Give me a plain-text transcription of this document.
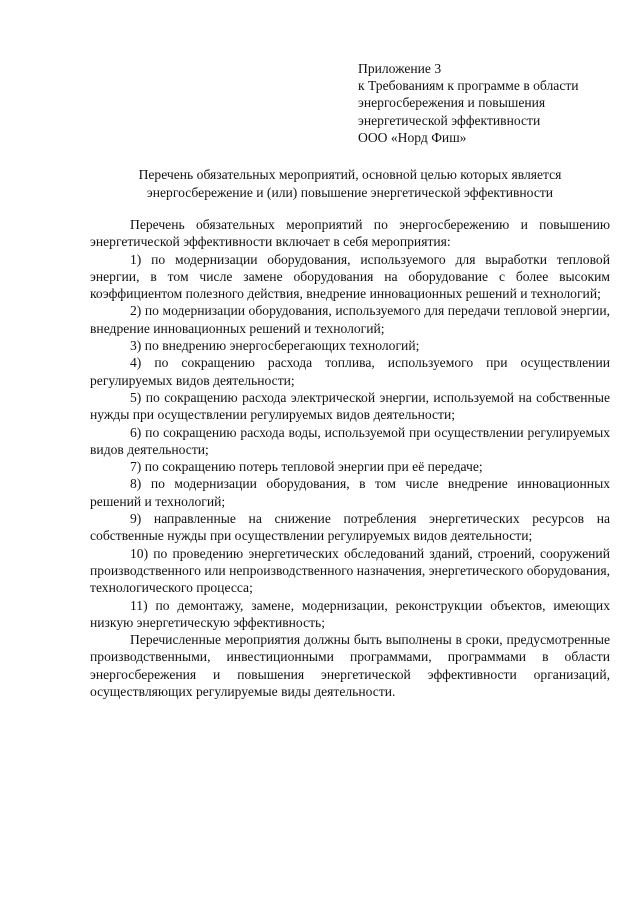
Приложение 3
к Требованиям к программе в области
энергосбережения и повышения
энергетической эффективности
ООО «Норд Фиш»
Перечень обязательных мероприятий, основной целью которых является
энергосбережение и (или) повышение энергетической эффективности

Перечень обязательных мероприятий по энергосбережению и повышению энергетической эффективности включает в себя мероприятия:

1) по модернизации оборудования, используемого для выработки тепловой энергии, в том числе замене оборудования на оборудование с более высоким коэффициентом полезного действия, внедрение инновационных решений и технологий;

2) по модернизации оборудования, используемого для передачи тепловой энергии, внедрение инновационных решений и технологий;

3) по внедрению энергосберегающих технологий;

4) по сокращению расхода топлива, используемого при осуществлении регулируемых видов деятельности;

5) по сокращению расхода электрической энергии, используемой на собственные нужды при осуществлении регулируемых видов деятельности;

6) по сокращению расхода воды, используемой при осуществлении регулируемых видов деятельности;

7) по сокращению потерь тепловой энергии при её передаче;

8) по модернизации оборудования, в том числе внедрение инновационных решений и технологий;

9) направленные на снижение потребления энергетических ресурсов на собственные нужды при осуществлении регулируемых видов деятельности;

10) по проведению энергетических обследований зданий, строений, сооружений производственного или непроизводственного назначения, энергетического оборудования, технологического процесса;

11) по демонтажу, замене, модернизации, реконструкции объектов, имеющих низкую энергетическую эффективность;

Перечисленные мероприятия должны быть выполнены в сроки, предусмотренные производственными, инвестиционными программами, программами в области энергосбережения и повышения энергетической эффективности организаций, осуществляющих регулируемые виды деятельности.
